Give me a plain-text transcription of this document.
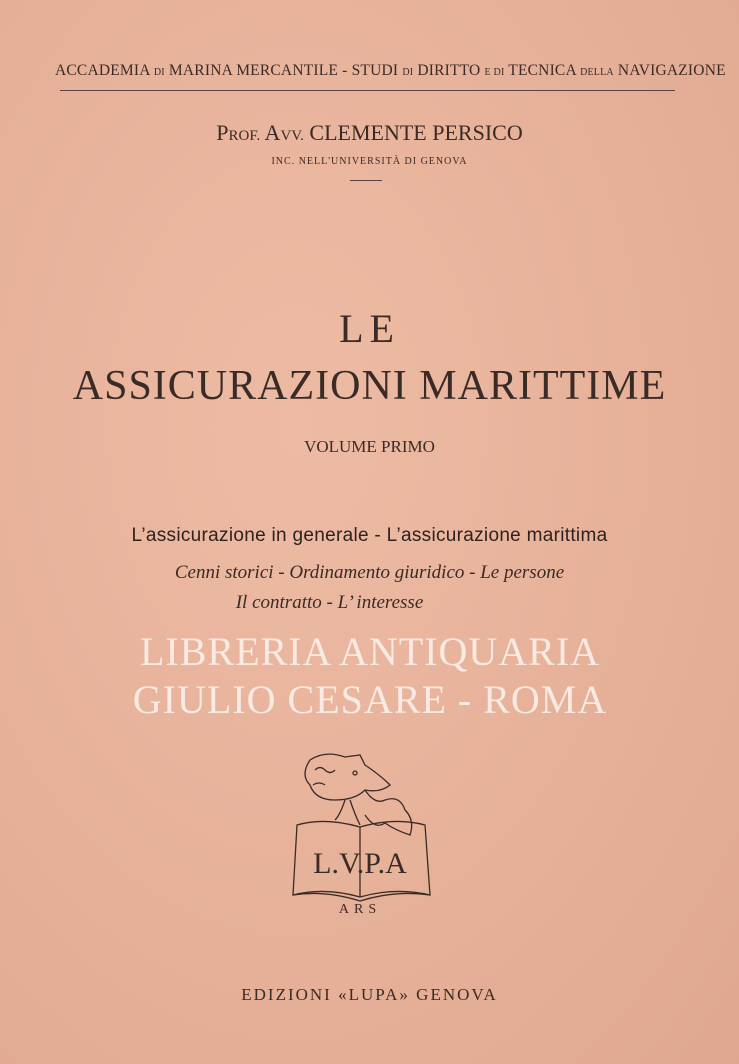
ACCADEMIA DI MARINA MERCANTILE - STUDI DI DIRITTO E DI TECNICA DELLA NAVIGAZIONE
PROF. AVV. CLEMENTE PERSICO
INC. NELL'UNIVERSITÀ DI GENOVA
LE
ASSICURAZIONI MARITTIME
VOLUME PRIMO
L’assicurazione in generale - L’assicurazione marittima
Cenni storici - Ordinamento giuridico - Le persone
Il contratto - L’ interesse
LIBRERIA ANTIQUARIA GIULIO CESARE - ROMA
L.V.P.A
ARS
EDIZIONI «LUPA» GENOVA
